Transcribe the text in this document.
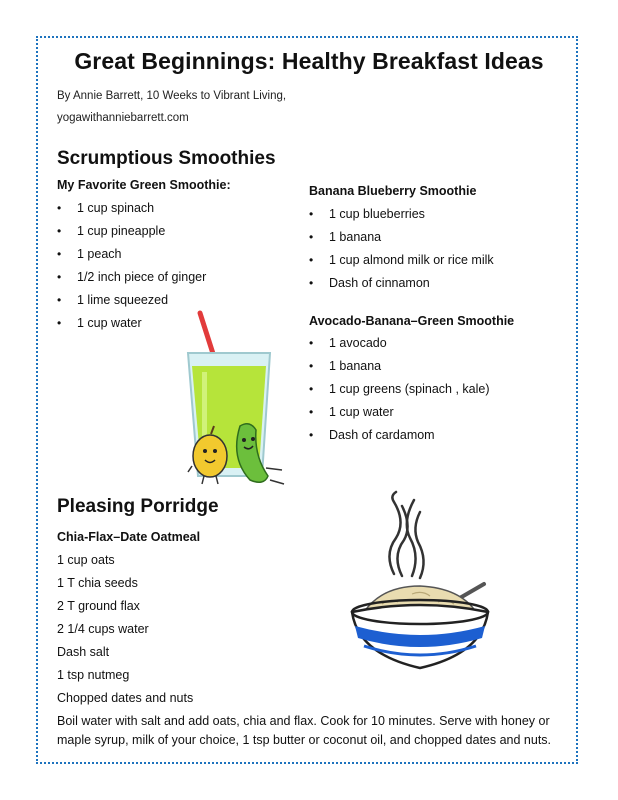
Great Beginnings: Healthy Breakfast Ideas
By Annie Barrett, 10 Weeks to Vibrant Living,
yogawithanniebarrett.com
Scrumptious Smoothies
My Favorite Green Smoothie:
• 1 cup spinach
• 1 cup pineapple
• 1 peach
• 1/2 inch piece of ginger
• 1 lime squeezed
• 1 cup water
Banana Blueberry Smoothie
• 1 cup blueberries
• 1 banana
• 1 cup almond milk or rice milk
• Dash of cinnamon
Avocado-Banana–Green Smoothie
• 1 avocado
• 1 banana
• 1 cup greens (spinach , kale)
• 1 cup water
• Dash of cardamom
Pleasing Porridge
Chia-Flax–Date Oatmeal
1 cup oats
1 T chia seeds
2 T ground flax
2 1/4 cups water
Dash salt
1 tsp nutmeg
Chopped dates and nuts
Boil water with salt and add oats, chia and flax. Cook for 10 minutes. Serve with honey or maple syrup, milk of your choice, 1 tsp butter or coconut oil, and chopped dates and nuts.
